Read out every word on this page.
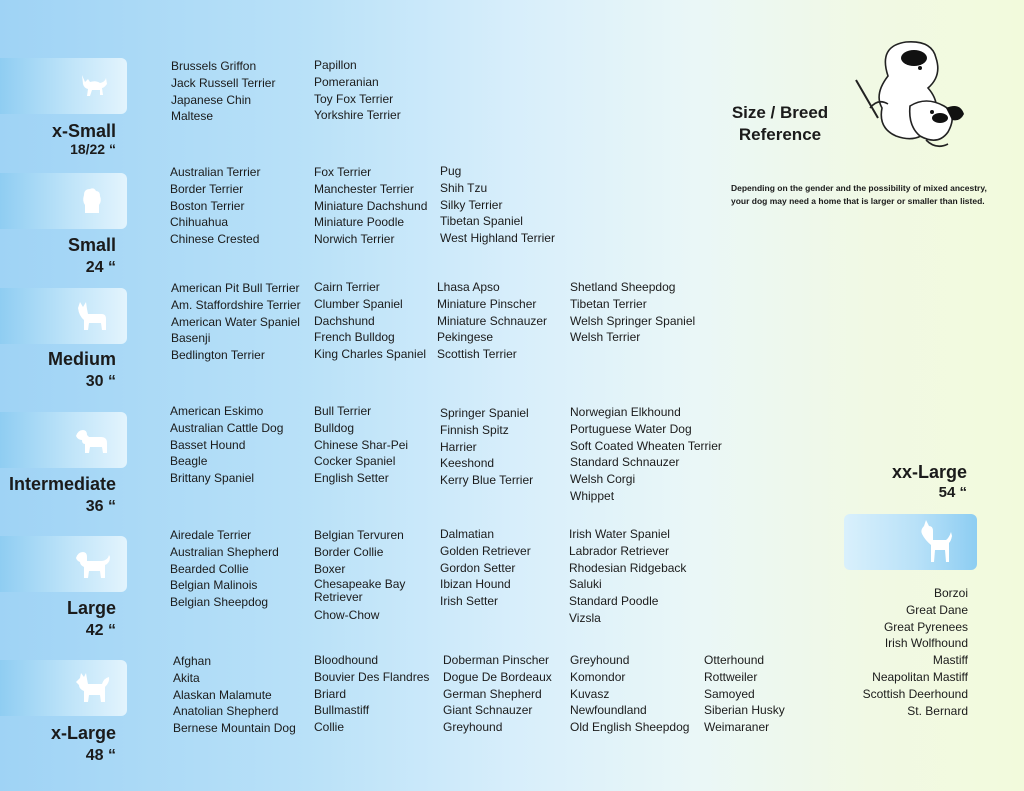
x-Small
18/22 “
Small
24 “
Medium
30 “
Intermediate
36 “
Large
42 “
x-Large
48 “
Brussels Griffon
Jack Russell Terrier
Japanese Chin
Maltese
Papillon
Pomeranian
Toy Fox Terrier
Yorkshire Terrier
Australian Terrier
Border Terrier
Boston Terrier
Chihuahua
Chinese Crested
Fox Terrier
Manchester Terrier
Miniature Dachshund
Miniature Poodle
Norwich Terrier
Pug
Shih Tzu
Silky Terrier
Tibetan Spaniel
West Highland Terrier
American Pit Bull Terrier
Am. Staffordshire Terrier
American Water Spaniel
Basenji
Bedlington Terrier
Cairn Terrier
Clumber Spaniel
Dachshund
French Bulldog
King Charles Spaniel
Lhasa Apso
Miniature Pinscher
Miniature Schnauzer
Pekingese
Scottish Terrier
Shetland Sheepdog
Tibetan Terrier
Welsh Springer Spaniel
Welsh Terrier
American Eskimo
Australian Cattle Dog
Basset Hound
Beagle
Brittany Spaniel
Bull Terrier
Bulldog
Chinese Shar-Pei
Cocker Spaniel
English Setter
Springer Spaniel
Finnish Spitz
Harrier
Keeshond
Kerry Blue Terrier
Norwegian Elkhound
Portuguese Water Dog
Soft Coated Wheaten Terrier
Standard Schnauzer
Welsh Corgi
Whippet
Airedale Terrier
Australian Shepherd
Bearded Collie
Belgian Malinois
Belgian Sheepdog
Belgian Tervuren
Border Collie
Boxer
Chesapeake Bay
Retriever
Chow-Chow
Dalmatian
Golden Retriever
Gordon Setter
Ibizan Hound
Irish Setter
Irish Water Spaniel
Labrador Retriever
Rhodesian Ridgeback
Saluki
Standard Poodle
Vizsla
Afghan
Akita
Alaskan Malamute
Anatolian Shepherd
Bernese Mountain Dog
Bloodhound
Bouvier Des Flandres
Briard
Bullmastiff
Collie
Doberman Pinscher
Dogue De Bordeaux
German Shepherd
Giant Schnauzer
Greyhound
Greyhound
Komondor
Kuvasz
Newfoundland
Old English Sheepdog
Otterhound
Rottweiler
Samoyed
Siberian Husky
Weimaraner
Size / Breed
Reference
Depending on the gender and the possibility of mixed ancestry, your dog may need a home that is larger or smaller than listed.
xx-Large
54 “
Borzoi
Great Dane
Great Pyrenees
Irish Wolfhound
Mastiff
Neapolitan Mastiff
Scottish Deerhound
St. Bernard
